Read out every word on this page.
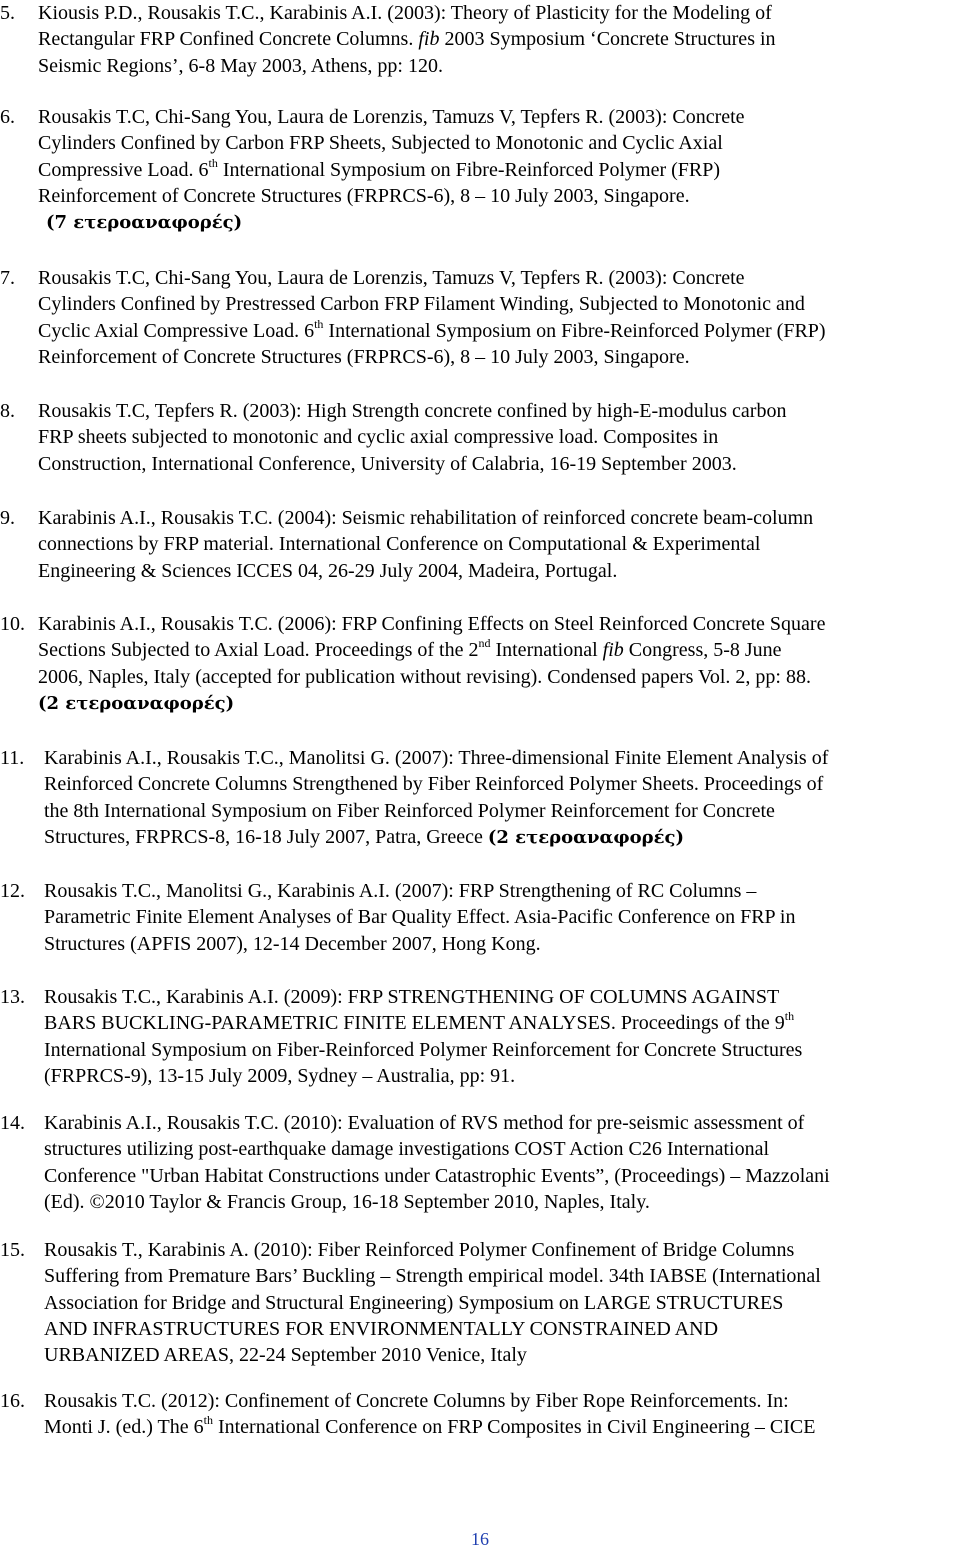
5. Kiousis P.D., Rousakis T.C., Karabinis A.I. (2003): Theory of Plasticity for the Modeling of
Rectangular FRP Confined Concrete Columns. fib 2003 Symposium ‘Concrete Structures in
Seismic Regions’, 6-8 May 2003, Athens, pp: 120.
6. Rousakis T.C, Chi-Sang You, Laura de Lorenzis, Tamuzs V, Tepfers R. (2003): Concrete
Cylinders Confined by Carbon FRP Sheets, Subjected to Monotonic and Cyclic Axial
Compressive Load. 6th International Symposium on Fibre-Reinforced Polymer (FRP)
Reinforcement of Concrete Structures (FRPRCS-6), 8 – 10 July 2003, Singapore.
(7 ετεροαναφορές)
7. Rousakis T.C, Chi-Sang You, Laura de Lorenzis, Tamuzs V, Tepfers R. (2003): Concrete
Cylinders Confined by Prestressed Carbon FRP Filament Winding, Subjected to Monotonic and
Cyclic Axial Compressive Load. 6th International Symposium on Fibre-Reinforced Polymer (FRP)
Reinforcement of Concrete Structures (FRPRCS-6), 8 – 10 July 2003, Singapore.
8. Rousakis T.C, Tepfers R. (2003): High Strength concrete confined by high-E-modulus carbon
FRP sheets subjected to monotonic and cyclic axial compressive load. Composites in
Construction, International Conference, University of Calabria, 16-19 September 2003.
9. Karabinis A.I., Rousakis T.C. (2004): Seismic rehabilitation of reinforced concrete beam-column
connections by FRP material. International Conference on Computational & Experimental
Engineering & Sciences ICCES 04, 26-29 July 2004, Madeira, Portugal.
10. Karabinis A.I., Rousakis T.C. (2006): FRP Confining Effects on Steel Reinforced Concrete Square
Sections Subjected to Axial Load. Proceedings of the 2nd International fib Congress, 5-8 June
2006, Naples, Italy (accepted for publication without revising). Condensed papers Vol. 2, pp: 88.
(2 ετεροαναφορές)
11. Karabinis A.I., Rousakis T.C., Manolitsi G. (2007): Three-dimensional Finite Element Analysis of
Reinforced Concrete Columns Strengthened by Fiber Reinforced Polymer Sheets. Proceedings of
the 8th International Symposium on Fiber Reinforced Polymer Reinforcement for Concrete
Structures, FRPRCS-8, 16-18 July 2007, Patra, Greece (2 ετεροαναφορές)
12. Rousakis T.C., Manolitsi G., Karabinis A.I. (2007): FRP Strengthening of RC Columns –
Parametric Finite Element Analyses of Bar Quality Effect. Asia-Pacific Conference on FRP in
Structures (APFIS 2007), 12-14 December 2007, Hong Kong.
13. Rousakis T.C., Karabinis A.I. (2009): FRP STRENGTHENING OF COLUMNS AGAINST
BARS BUCKLING-PARAMETRIC FINITE ELEMENT ANALYSES. Proceedings of the 9th
International Symposium on Fiber-Reinforced Polymer Reinforcement for Concrete Structures
(FRPRCS-9), 13-15 July 2009, Sydney – Australia, pp: 91.
14. Karabinis A.I., Rousakis T.C. (2010): Evaluation of RVS method for pre-seismic assessment of
structures utilizing post-earthquake damage investigations COST Action C26 International
Conference "Urban Habitat Constructions under Catastrophic Events”, (Proceedings) – Mazzolani
(Ed). ©2010 Taylor & Francis Group, 16-18 September 2010, Naples, Italy.
15. Rousakis T., Karabinis A. (2010): Fiber Reinforced Polymer Confinement of Bridge Columns
Suffering from Premature Bars’ Buckling – Strength empirical model. 34th IABSE (International
Association for Bridge and Structural Engineering) Symposium on LARGE STRUCTURES
AND INFRASTRUCTURES FOR ENVIRONMENTALLY CONSTRAINED AND
URBANIZED AREAS, 22-24 September 2010 Venice, Italy
16. Rousakis T.C. (2012): Confinement of Concrete Columns by Fiber Rope Reinforcements. In:
Monti J. (ed.) The 6th International Conference on FRP Composites in Civil Engineering – CICE
16
